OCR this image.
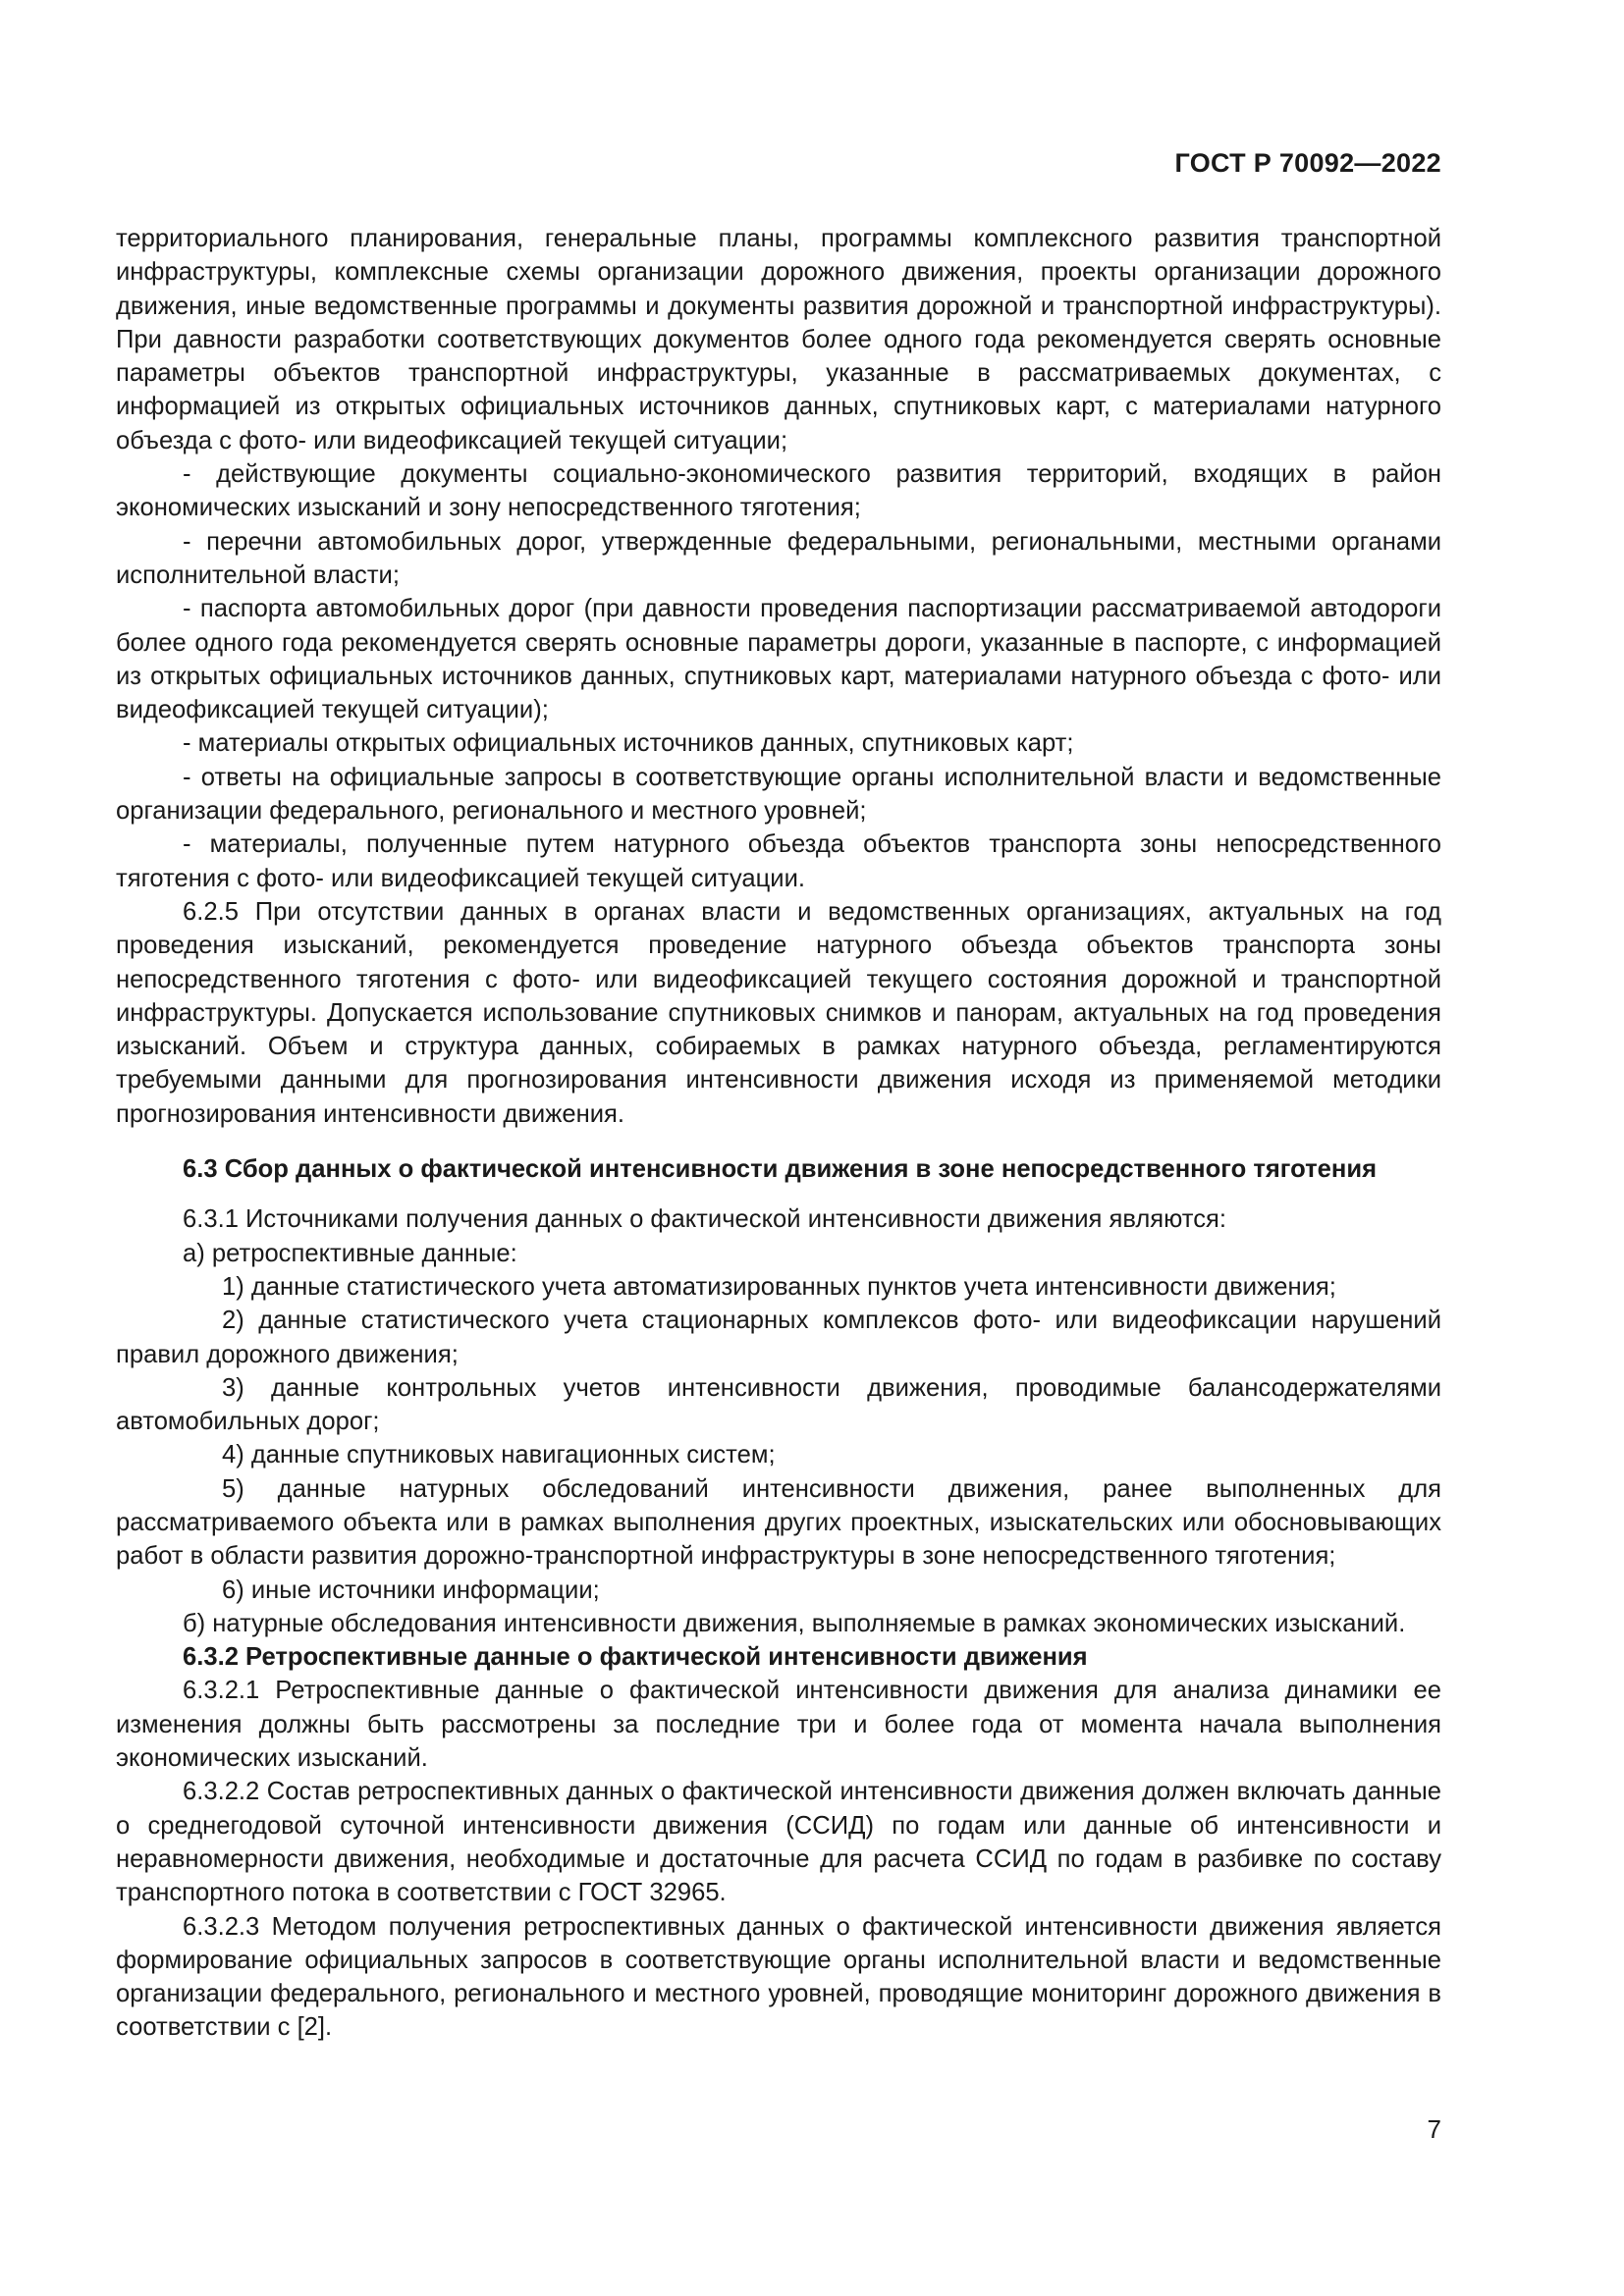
ГОСТ Р 70092—2022

территориального планирования, генеральные планы, программы комплексного развития транспортной инфраструктуры, комплексные схемы организации дорожного движения, проекты организации дорожного движения, иные ведомственные программы и документы развития дорожной и транспортной инфраструктуры). При давности разработки соответствующих документов более одного года рекомендуется сверять основные параметры объектов транспортной инфраструктуры, указанные в рассматриваемых документах, с информацией из открытых официальных источников данных, спутниковых карт, с материалами натурного объезда с фото- или видеофиксацией текущей ситуации;

- действующие документы социально-экономического развития территорий, входящих в район экономических изысканий и зону непосредственного тяготения;

- перечни автомобильных дорог, утвержденные федеральными, региональными, местными органами исполнительной власти;

- паспорта автомобильных дорог (при давности проведения паспортизации рассматриваемой автодороги более одного года рекомендуется сверять основные параметры дороги, указанные в паспорте, с информацией из открытых официальных источников данных, спутниковых карт, материалами натурного объезда с фото- или видеофиксацией текущей ситуации);

- материалы открытых официальных источников данных, спутниковых карт;

- ответы на официальные запросы в соответствующие органы исполнительной власти и ведомственные организации федерального, регионального и местного уровней;

- материалы, полученные путем натурного объезда объектов транспорта зоны непосредственного тяготения с фото- или видеофиксацией текущей ситуации.

6.2.5 При отсутствии данных в органах власти и ведомственных организациях, актуальных на год проведения изысканий, рекомендуется проведение натурного объезда объектов транспорта зоны непосредственного тяготения с фото- или видеофиксацией текущего состояния дорожной и транспортной инфраструктуры. Допускается использование спутниковых снимков и панорам, актуальных на год проведения изысканий. Объем и структура данных, собираемых в рамках натурного объезда, регламентируются требуемыми данными для прогнозирования интенсивности движения исходя из применяемой методики прогнозирования интенсивности движения.

6.3 Сбор данных о фактической интенсивности движения в зоне непосредственного тяготения

6.3.1 Источниками получения данных о фактической интенсивности движения являются:

а) ретроспективные данные:

1) данные статистического учета автоматизированных пунктов учета интенсивности движения;

2) данные статистического учета стационарных комплексов фото- или видеофиксации нарушений правил дорожного движения;

3) данные контрольных учетов интенсивности движения, проводимые балансодержателями автомобильных дорог;

4) данные спутниковых навигационных систем;

5) данные натурных обследований интенсивности движения, ранее выполненных для рассматриваемого объекта или в рамках выполнения других проектных, изыскательских или обосновывающих работ в области развития дорожно-транспортной инфраструктуры в зоне непосредственного тяготения;

6) иные источники информации;

б) натурные обследования интенсивности движения, выполняемые в рамках экономических изысканий.

6.3.2 Ретроспективные данные о фактической интенсивности движения

6.3.2.1 Ретроспективные данные о фактической интенсивности движения для анализа динамики ее изменения должны быть рассмотрены за последние три и более года от момента начала выполнения экономических изысканий.

6.3.2.2 Состав ретроспективных данных о фактической интенсивности движения должен включать данные о среднегодовой суточной интенсивности движения (ССИД) по годам или данные об интенсивности и неравномерности движения, необходимые и достаточные для расчета ССИД по годам в разбивке по составу транспортного потока в соответствии с ГОСТ 32965.

6.3.2.3 Методом получения ретроспективных данных о фактической интенсивности движения является формирование официальных запросов в соответствующие органы исполнительной власти и ведомственные организации федерального, регионального и местного уровней, проводящие мониторинг дорожного движения в соответствии с [2].

7
